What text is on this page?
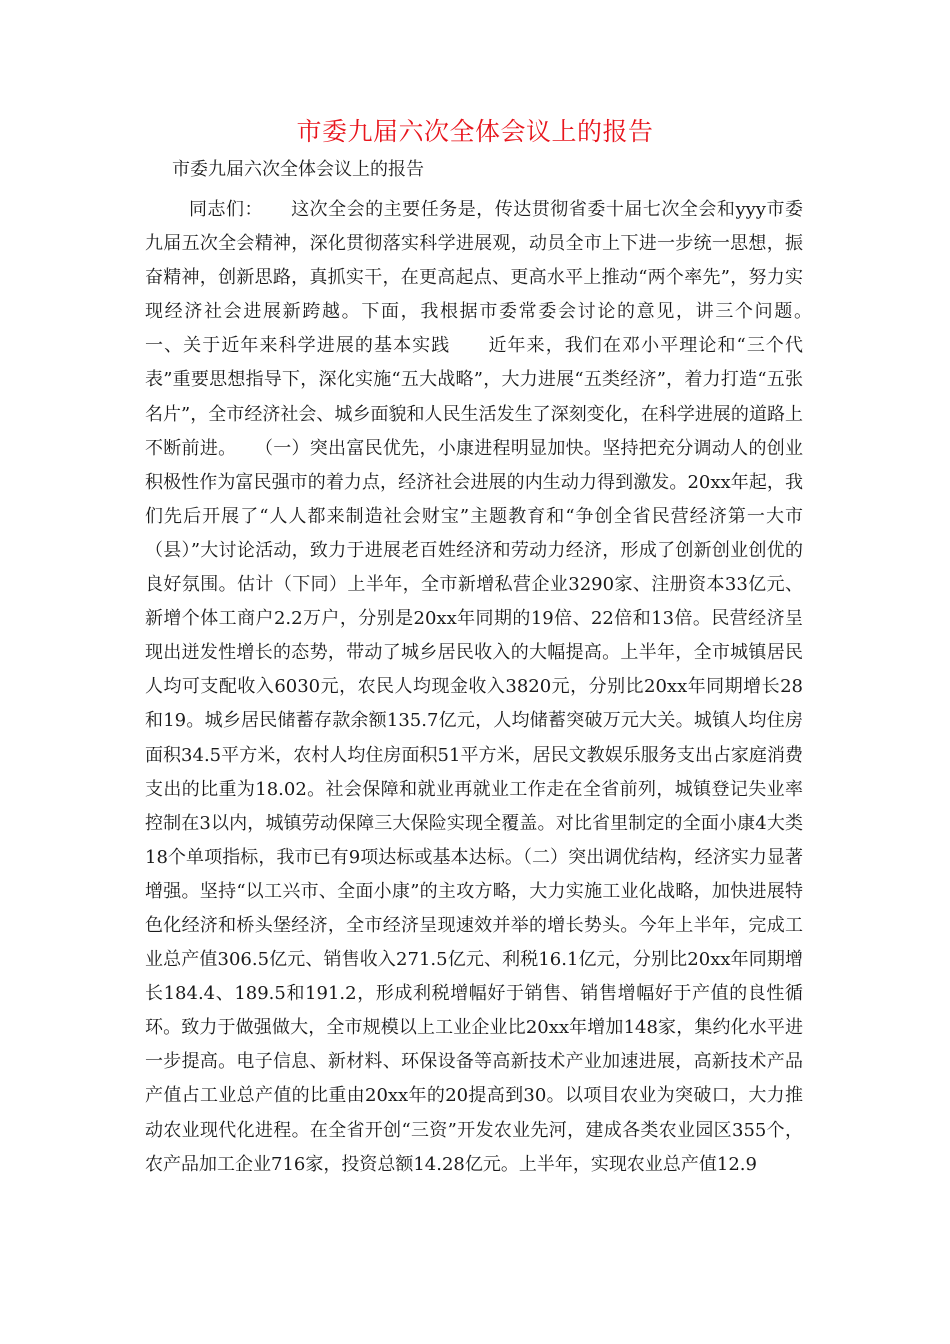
市委九届六次全体会议上的报告
市委九届六次全体会议上的报告

同志们：　　这次全会的主要任务是，传达贯彻省委十届七次全会和yyy市委九届五次全会精神，深化贯彻落实科学进展观，动员全市上下进一步统一思想，振奋精神，创新思路，真抓实干，在更高起点、更高水平上推动“两个率先”，努力实现经济社会进展新跨越。下面，我根据市委常委会讨论的意见，讲三个问题。　　一、关于近年来科学进展的基本实践　　近年来，我们在邓小平理论和“三个代表”重要思想指导下，深化实施“五大战略”，大力进展“五类经济”，着力打造“五张名片”，全市经济社会、城乡面貌和人民生活发生了深刻变化，在科学进展的道路上不断前进。　　（一）突出富民优先，小康进程明显加快。坚持把充分调动人的创业积极性作为富民强市的着力点，经济社会进展的内生动力得到激发。20xx年起，我们先后开展了“人人都来制造社会财宝”主题教育和“争创全省民营经济第一大市（县）”大讨论活动，致力于进展老百姓经济和劳动力经济，形成了创新创业创优的良好氛围。估计（下同）上半年，全市新增私营企业3290家、注册资本33亿元、新增个体工商户2.2万户，分别是20xx年同期的19倍、22倍和13倍。民营经济呈现出迸发性增长的态势，带动了城乡居民收入的大幅提高。上半年，全市城镇居民人均可支配收入6030元，农民人均现金收入3820元，分别比20xx年同期增长28和19。城乡居民储蓄存款余额135.7亿元，人均储蓄突破万元大关。城镇人均住房面积34.5平方米，农村人均住房面积51平方米，居民文教娱乐服务支出占家庭消费支出的比重为18.02。社会保障和就业再就业工作走在全省前列，城镇登记失业率控制在3以内，城镇劳动保障三大保险实现全覆盖。对比省里制定的全面小康4大类18个单项指标，我市已有9项达标或基本达标。（二）突出调优结构，经济实力显著增强。坚持“以工兴市、全面小康”的主攻方略，大力实施工业化战略，加快进展特色化经济和桥头堡经济，全市经济呈现速效并举的增长势头。今年上半年，完成工业总产值306.5亿元、销售收入271.5亿元、利税16.1亿元，分别比20xx年同期增长184.4、189.5和191.2，形成利税增幅好于销售、销售增幅好于产值的良性循环。致力于做强做大，全市规模以上工业企业比20xx年增加148家，集约化水平进一步提高。电子信息、新材料、环保设备等高新技术产业加速进展，高新技术产品产值占工业总产值的比重由20xx年的20提高到30。以项目农业为突破口，大力推动农业现代化进程。在全省开创“三资”开发农业先河，建成各类农业园区355个，农产品加工企业716家，投资总额14.28亿元。上半年，实现农业总产值12.9
